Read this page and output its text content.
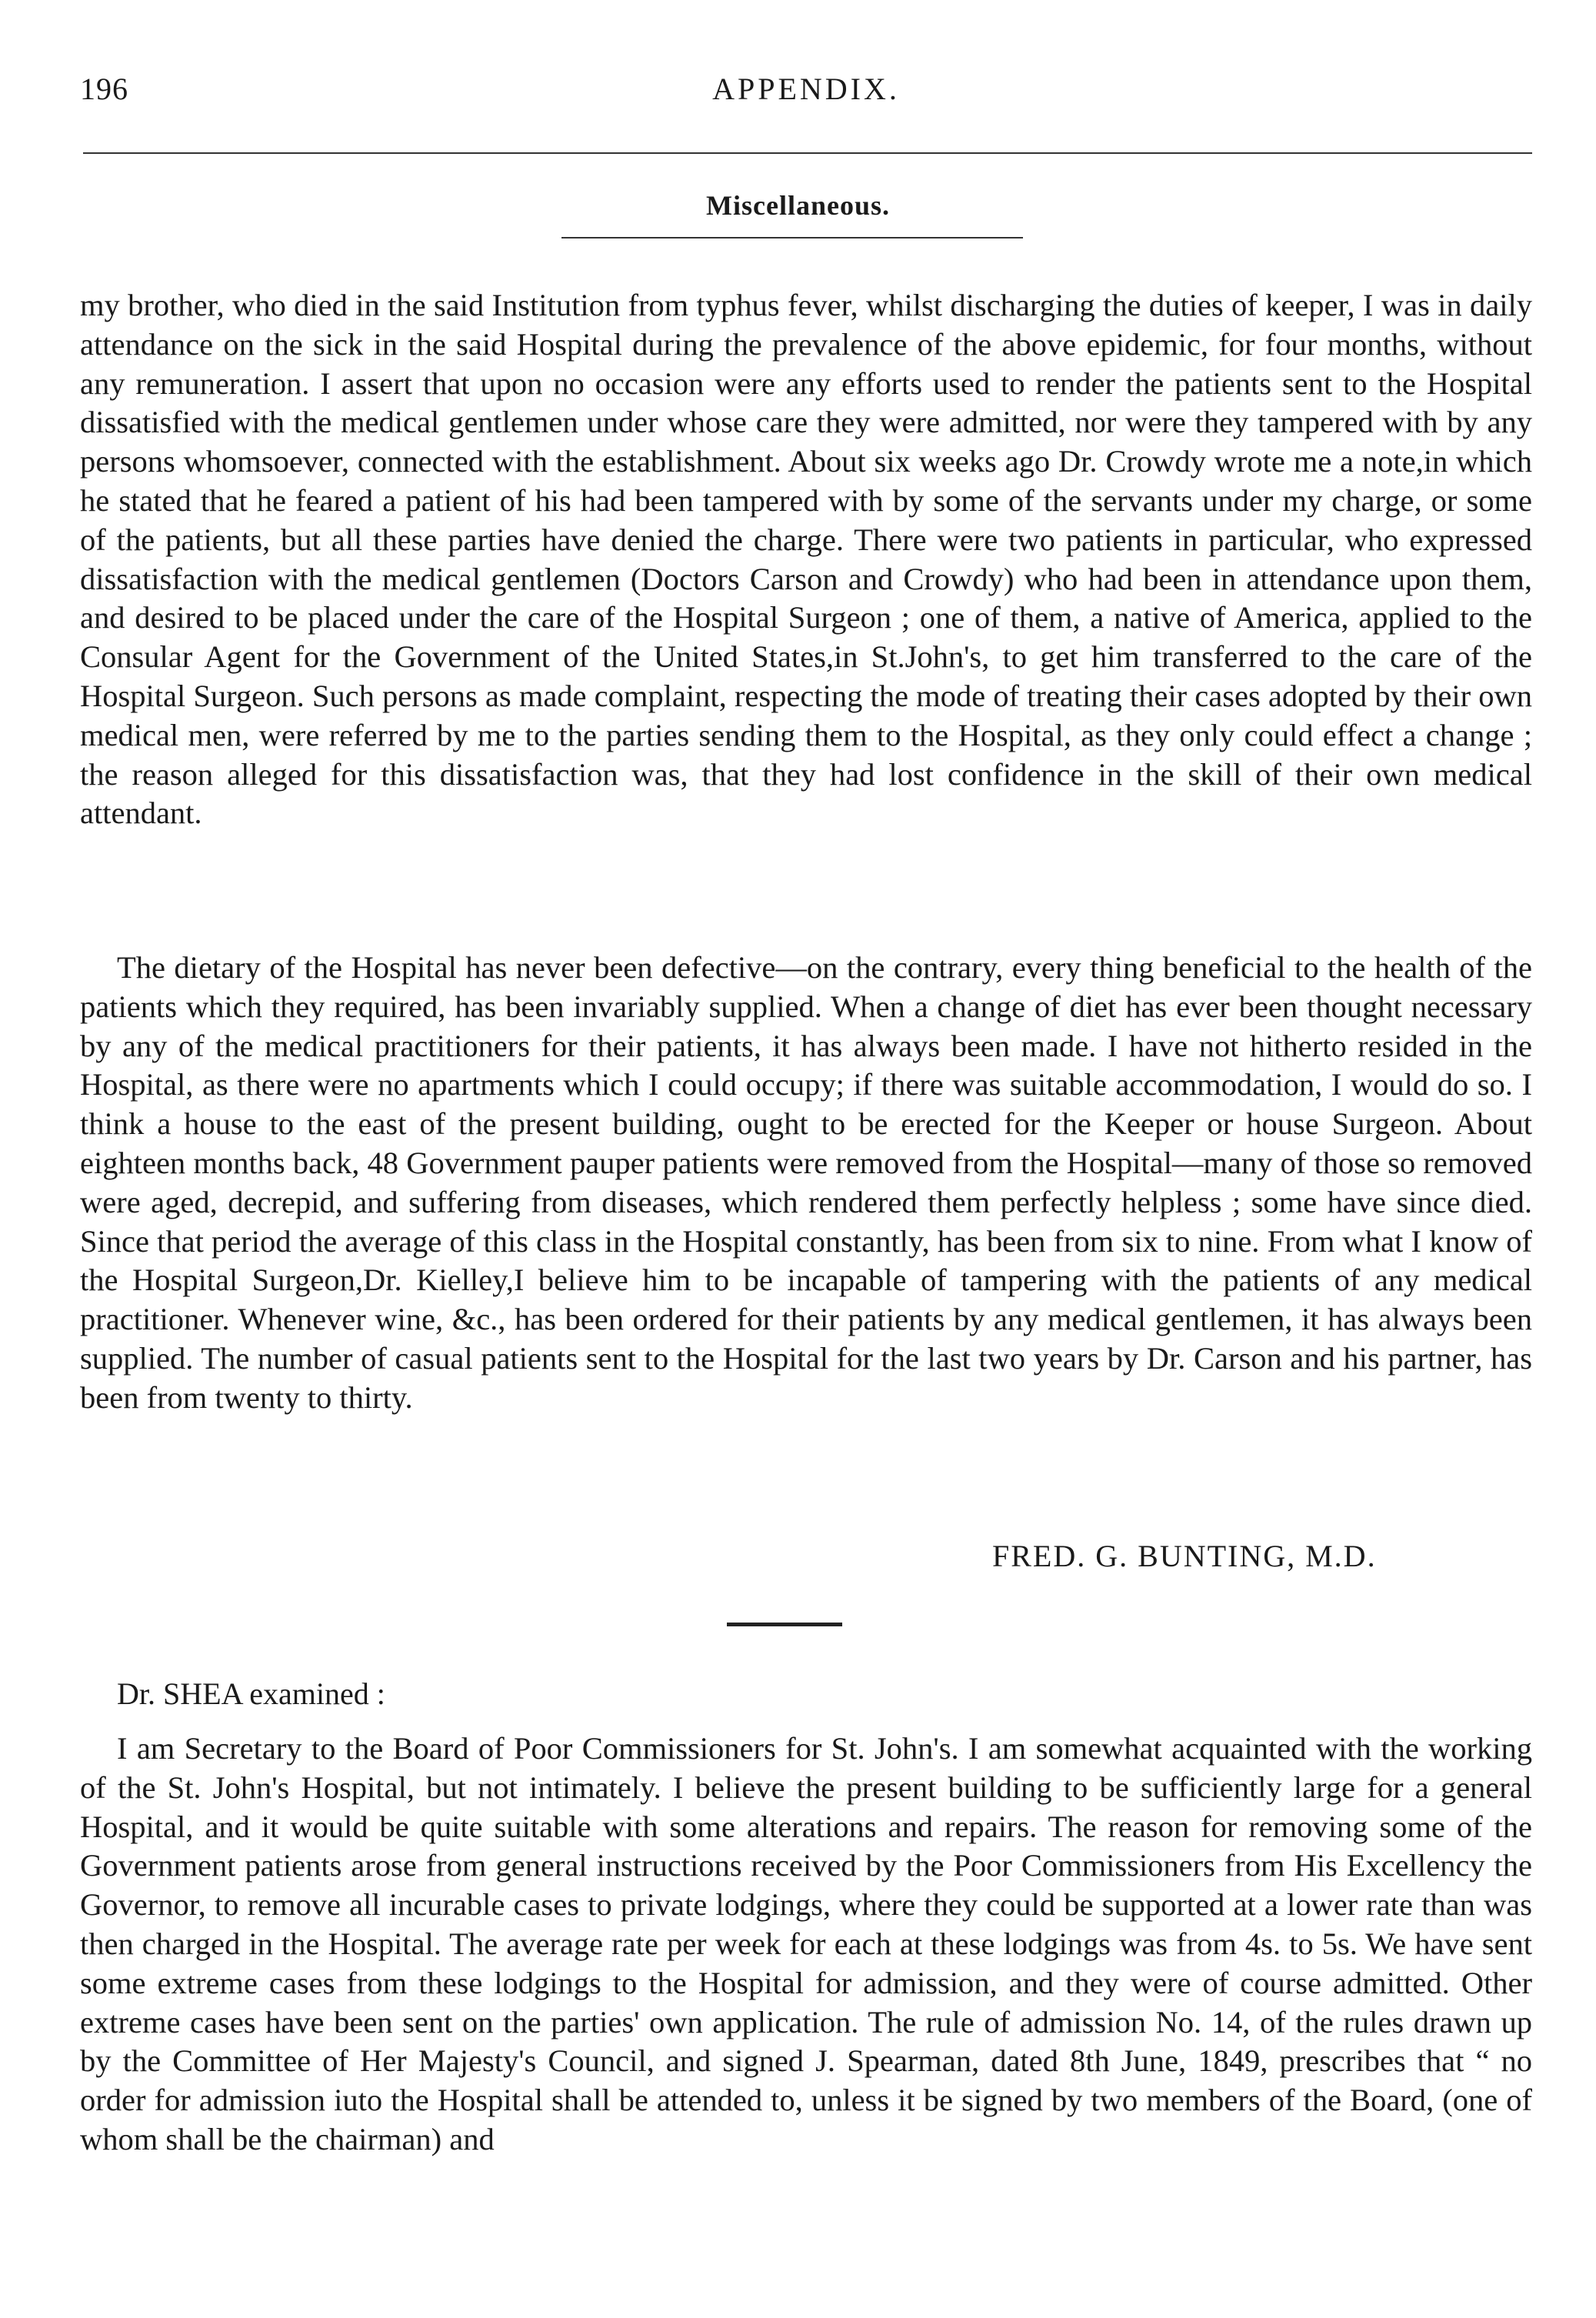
196	APPENDIX.
Miscellaneous.

my brother, who died in the said Institution from typhus fever, whilst discharging the duties of keeper, I was in daily attendance on the sick in the said Hospital during the prevalence of the above epidemic, for four months, without any remuneration. I assert that upon no occasion were any efforts used to render the patients sent to the Hospital dissatisfied with the medical gentlemen under whose care they were admitted, nor were they tampered with by any persons whomsoever, connected with the establishment. About six weeks ago Dr. Crowdy wrote me a note,in which he stated that he feared a patient of his had been tampered with by some of the servants under my charge, or some of the patients, but all these parties have denied the charge. There were two patients in particular, who expressed dissatisfaction with the medical gentlemen (Doctors Carson and Crowdy) who had been in attendance upon them, and desired to be placed under the care of the Hospital Surgeon ; one of them, a native of America, applied to the Consular Agent for the Government of the United States,in St.John's, to get him transferred to the care of the Hospital Surgeon. Such persons as made complaint, respecting the mode of treating their cases adopted by their own medical men, were referred by me to the parties sending them to the Hospital, as they only could effect a change ; the reason alleged for this dissatisfaction was, that they had lost confidence in the skill of their own medical attendant.

The dietary of the Hospital has never been defective—on the contrary, every thing beneficial to the health of the patients which they required, has been invariably supplied. When a change of diet has ever been thought necessary by any of the medical practitioners for their patients, it has always been made. I have not hitherto resided in the Hospital, as there were no apartments which I could occupy; if there was suitable accommodation, I would do so. I think a house to the east of the present building, ought to be erected for the Keeper or house Surgeon. About eighteen months back, 48 Government pauper patients were removed from the Hospital—many of those so removed were aged, decrepid, and suffering from diseases, which rendered them perfectly helpless ; some have since died. Since that period the average of this class in the Hospital constantly, has been from six to nine. From what I know of the Hospital Surgeon,Dr. Kielley,I believe him to be incapable of tampering with the patients of any medical practitioner. Whenever wine, &c., has been ordered for their patients by any medical gentlemen, it has always been supplied. The number of casual patients sent to the Hospital for the last two years by Dr. Carson and his partner, has been from twenty to thirty.

FRED. G. BUNTING, M.D.
Dr. SHEA examined :

I am Secretary to the Board of Poor Commissioners for St. John's. I am somewhat acquainted with the working of the St. John's Hospital, but not intimately. I believe the present building to be sufficiently large for a general Hospital, and it would be quite suitable with some alterations and repairs. The reason for removing some of the Government patients arose from general instructions received by the Poor Commissioners from His Excellency the Governor, to remove all incurable cases to private lodgings, where they could be supported at a lower rate than was then charged in the Hospital. The average rate per week for each at these lodgings was from 4s. to 5s. We have sent some extreme cases from these lodgings to the Hospital for admission, and they were of course admitted. Other extreme cases have been sent on the parties' own application. The rule of admission No. 14, of the rules drawn up by the Committee of Her Majesty's Council, and signed J. Spearman, dated 8th June, 1849, prescribes that “ no order for admission iuto the Hospital shall be attended to, unless it be signed by two members of the Board, (one of whom shall be the chairman) and
